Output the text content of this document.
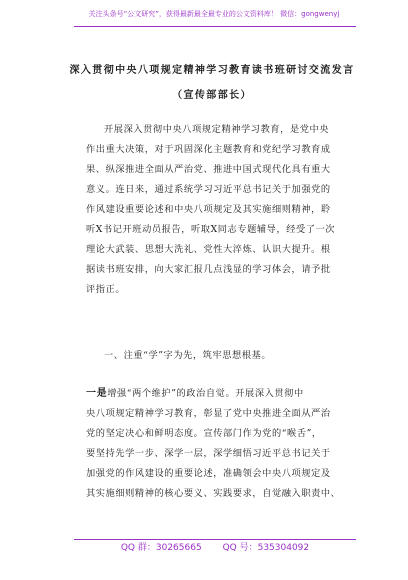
关注头条号“公文研究”，获得最新最全最专业的公文资料库！ 微信：gongwenyj
深入贯彻中央八项规定精神学习教育读书班研讨交流发言
（宣传部部长）
开展深入贯彻中央八项规定精神学习教育，是党中央
作出重大决策，对于巩固深化主题教育和党纪学习教育成
果、纵深推进全面从严治党、推进中国式现代化具有重大
意义。连日来，通过系统学习习近平总书记关于加强党的
作风建设重要论述和中央八项规定及其实施细则精神，聆
听X书记开班动员报告，听取X同志专题辅导，经受了一次
理论大武装、思想大洗礼、党性大淬炼、认识大提升。根
据读书班安排，向大家汇报几点浅显的学习体会，请予批
评指正。
一、注重“学”字为先，筑牢思想根基。
一是增强“两个维护”的政治自觉。开展深入贯彻中
央八项规定精神学习教育，彰显了党中央推进全面从严治
党的坚定决心和鲜明态度。宣传部门作为党的“喉舌”，
要坚持先学一步、深学一层，深学细悟习近平总书记关于
加强党的作风建设的重要论述，准确领会中央八项规定及
其实施细则精神的核心要义、实践要求，自觉融入职责中、
QQ 群：30265665 QQ 号：535304092
